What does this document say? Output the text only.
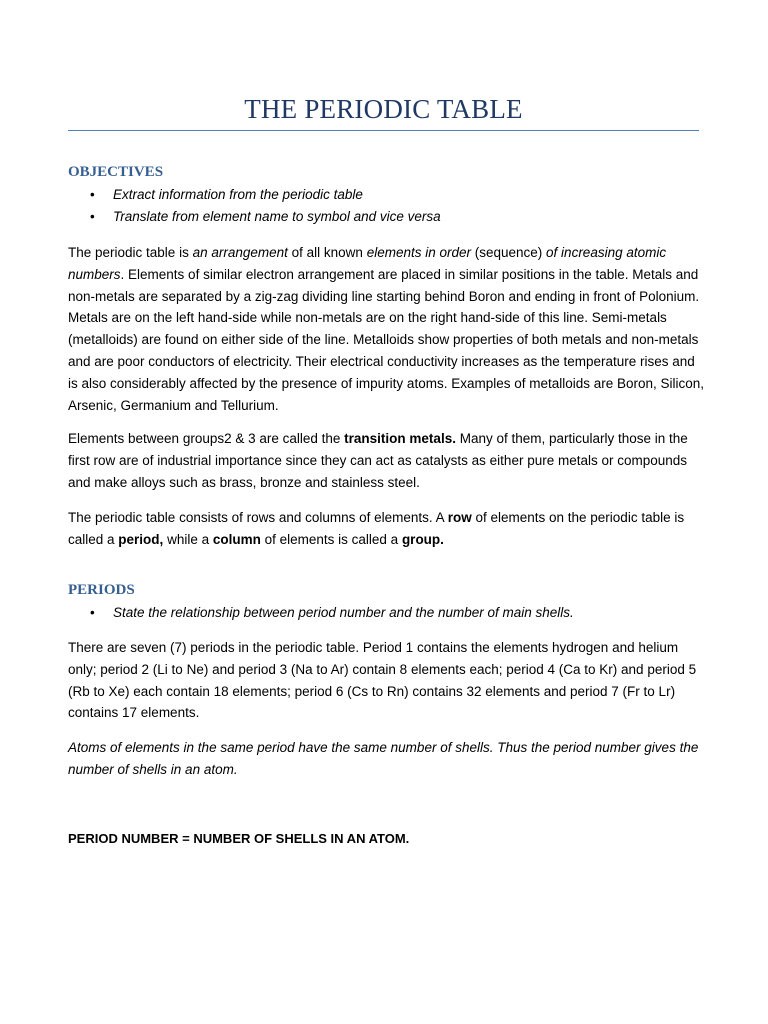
THE PERIODIC TABLE
OBJECTIVES
• Extract information from the periodic table
• Translate from element name to symbol and vice versa

The periodic table is an arrangement of all known elements in order (sequence) of increasing atomic numbers. Elements of similar electron arrangement are placed in similar positions in the table. Metals and non-metals are separated by a zig-zag dividing line starting behind Boron and ending in front of Polonium. Metals are on the left hand-side while non-metals are on the right hand-side of this line. Semi-metals (metalloids) are found on either side of the line. Metalloids show properties of both metals and non-metals and are poor conductors of electricity. Their electrical conductivity increases as the temperature rises and is also considerably affected by the presence of impurity atoms. Examples of metalloids are Boron, Silicon, Arsenic, Germanium and Tellurium.

Elements between groups2 & 3 are called the transition metals. Many of them, particularly those in the first row are of industrial importance since they can act as catalysts as either pure metals or compounds and make alloys such as brass, bronze and stainless steel.

The periodic table consists of rows and columns of elements. A row of elements on the periodic table is called a period, while a column of elements is called a group.

PERIODS
• State the relationship between period number and the number of main shells.

There are seven (7) periods in the periodic table. Period 1 contains the elements hydrogen and helium only; period 2 (Li to Ne) and period 3 (Na to Ar) contain 8 elements each; period 4 (Ca to Kr) and period 5 (Rb to Xe) each contain 18 elements; period 6 (Cs to Rn) contains 32 elements and period 7 (Fr to Lr) contains 17 elements.

Atoms of elements in the same period have the same number of shells. Thus the period number gives the number of shells in an atom.

PERIOD NUMBER = NUMBER OF SHELLS IN AN ATOM.
